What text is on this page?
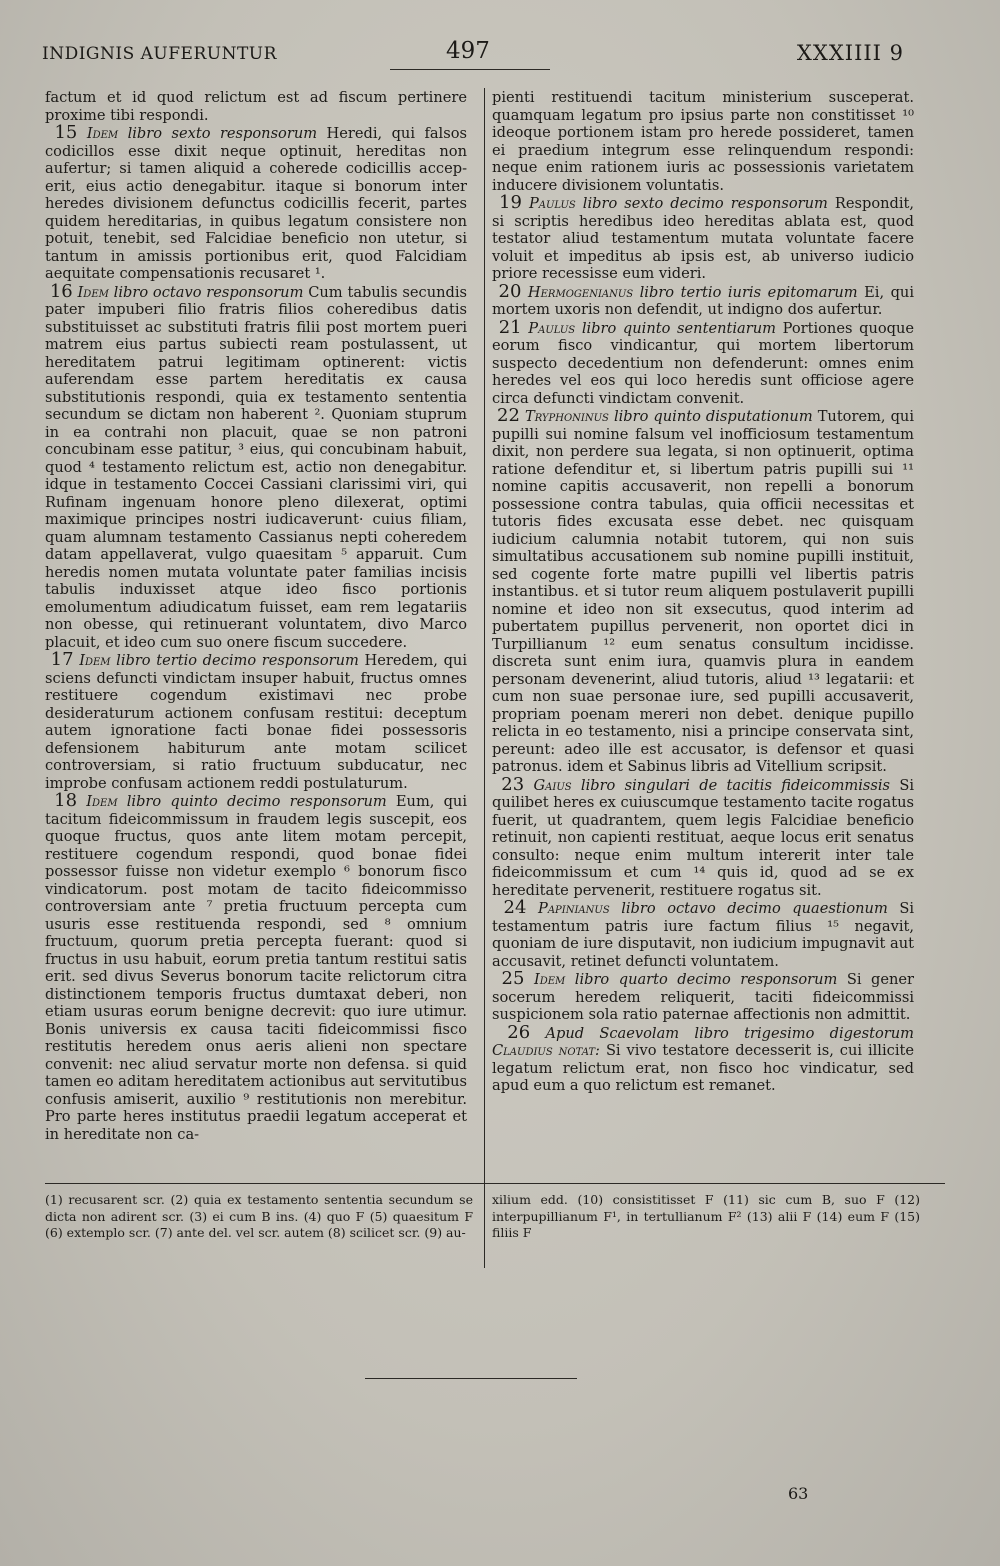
INDIGNIS AUFERUNTUR	497	XXXIIII 9

factum et id quod relictum est ad fiscum pertinere proxime tibi respondi.

15 Idem libro sexto responsorum Heredi, qui falsos codicillos esse dixit neque optinuit, hereditas non aufertur; si tamen aliquid a coherede codicillis acceperit, eius actio denegabitur. itaque si bonorum inter heredes divisionem defunctus codicillis fecerit, partes quidem hereditarias, in quibus legatum consistere non potuit, tenebit, sed Falcidiae beneficio non utetur, si tantum in amissis portionibus erit, quod Falcidiam aequitate compensationis recusaret ¹.

16 Idem libro octavo responsorum Cum tabulis secundis pater impuberi filio fratris filios coheredibus datis substituisset ac substituti fratris filii post mortem pueri matrem eius partus subiecti ream postulassent, ut hereditatem patrui legitimam optinerent: victis auferendam esse partem hereditatis ex causa substitutionis respondi, quia ex testamento sententia secundum se dictam non haberent ². Quoniam stuprum in ea contrahi non placuit, quae se non patroni concubinam esse patitur, ³ eius, qui concubinam habuit, quod ⁴ testamento relictum est, actio non denegabitur. idque in testamento Coccei Cassiani clarissimi viri, qui Rufinam ingenuam honore pleno dilexerat, optimi maximique principes nostri iudicaverunt· cuius filiam, quam alumnam testamento Cassianus nepti coheredem datam appellaverat, vulgo quaesitam ⁵ apparuit. Cum heredis nomen mutata voluntate pater familias incisis tabulis induxisset atque ideo fisco portionis emolumentum adiudicatum fuisset, eam rem legatariis non obesse, qui retinuerant voluntatem, divo Marco placuit, et ideo cum suo onere fiscum succedere.

17 Idem libro tertio decimo responsorum Heredem, qui sciens defuncti vindictam insuper habuit, fructus omnes restituere cogendum existimavi nec probe desideraturum actionem confusam restitui: deceptum autem ignoratione facti bonae fidei possessoris defensionem habiturum ante motam scilicet controversiam, si ratio fructuum subducatur, nec improbe confusam actionem reddi postulaturum.

18 Idem libro quinto decimo responsorum Eum, qui tacitum fideicommissum in fraudem legis suscepit, eos quoque fructus, quos ante litem motam percepit, restituere cogendum respondi, quod bonae fidei possessor fuisse non videtur exemplo ⁶ bonorum fisco vindicatorum. post motam de tacito fideicommisso controversiam ante ⁷ pretia fructuum percepta cum usuris esse restituenda respondi, sed ⁸ omnium fructuum, quorum pretia percepta fuerant: quod si fructus in usu habuit, eorum pretia tantum restitui satis erit. sed divus Severus bonorum tacite relictorum citra distinctionem temporis fructus dumtaxat deberi, non etiam usuras eorum benigne decrevit: quo iure utimur. Bonis universis ex causa taciti fideicommissi fisco restitutis heredem onus aeris alieni non spectare convenit: nec aliud servatur morte non defensa. si quid tamen eo aditam hereditatem actionibus aut servitutibus confusis amiserit, auxilio ⁹ restitutionis non merebitur. Pro parte heres institutus praedii legatum acceperat et in hereditate non ca-

pienti restituendi tacitum ministerium susceperat. quamquam legatum pro ipsius parte non constitisset ¹⁰ ideoque portionem istam pro herede possideret, tamen ei praedium integrum esse relinquendum respondi: neque enim rationem iuris ac possessionis varietatem inducere divisionem voluntatis.

19 Paulus libro sexto decimo responsorum Respondit, si scriptis heredibus ideo hereditas ablata est, quod testator aliud testamentum mutata voluntate facere voluit et impeditus ab ipsis est, ab universo iudicio priore recessisse eum videri.

20 Hermogenianus libro tertio iuris epitomarum Ei, qui mortem uxoris non defendit, ut indigno dos aufertur.

21 Paulus libro quinto sententiarum Portiones quoque eorum fisco vindicantur, qui mortem libertorum suspecto decedentium non defenderunt: omnes enim heredes vel eos qui loco heredis sunt officiose agere circa defuncti vindictam convenit.

22 Tryphoninus libro quinto disputationum Tutorem, qui pupilli sui nomine falsum vel inofficiosum testamentum dixit, non perdere sua legata, si non optinuerit, optima ratione defenditur et, si libertum patris pupilli sui ¹¹ nomine capitis accusaverit, non repelli a bonorum possessione contra tabulas, quia officii necessitas et tutoris fides excusata esse debet. nec quisquam iudicium calumnia notabit tutorem, qui non suis simultatibus accusationem sub nomine pupilli instituit, sed cogente forte matre pupilli vel libertis patris instantibus. et si tutor reum aliquem postulaverit pupilli nomine et ideo non sit exsecutus, quod interim ad pubertatem pupillus pervenerit, non oportet dici in Turpillianum ¹² eum senatus consultum incidisse. discreta sunt enim iura, quamvis plura in eandem personam devenerint, aliud tutoris, aliud ¹³ legatarii: et cum non suae personae iure, sed pupilli accusaverit, propriam poenam mereri non debet. denique pupillo relicta in eo testamento, nisi a principe conservata sint, pereunt: adeo ille est accusator, is defensor et quasi patronus. idem et Sabinus libris ad Vitellium scripsit.

23 Gaius libro singulari de tacitis fideicommissis Si quilibet heres ex cuiuscumque testamento tacite rogatus fuerit, ut quadrantem, quem legis Falcidiae beneficio retinuit, non capienti restituat, aeque locus erit senatus consulto: neque enim multum intererit inter tale fideicommissum et cum ¹⁴ quis id, quod ad se ex hereditate pervenerit, restituere rogatus sit.

24 Papinianus libro octavo decimo quaestionum Si testamentum patris iure factum filius ¹⁵ negavit, quoniam de iure disputavit, non iudicium impugnavit aut accusavit, retinet defuncti voluntatem.

25 Idem libro quarto decimo responsorum Si gener socerum heredem reliquerit, taciti fideicommissi suspicionem sola ratio paternae affectionis non admittit.

26 Apud Scaevolam libro trigesimo digestorum Claudius notat: Si vivo testatore decesserit is, cui illicite legatum relictum erat, non fisco hoc vindicatur, sed apud eum a quo relictum est remanet.

(1) recusarent scr. (2) quia ex testamento sententia secundum se dicta non adirent scr. (3) ei cum B ins. (4) quo F (5) quaesitum F (6) extemplo scr. (7) ante del. vel scr. autem (8) scilicet scr. (9) au-
xilium edd. (10) consistitisset F (11) sic cum B, suo F (12) interpupillianum F¹, in tertullianum F² (13) alii F (14) eum F (15) filiis F
63
